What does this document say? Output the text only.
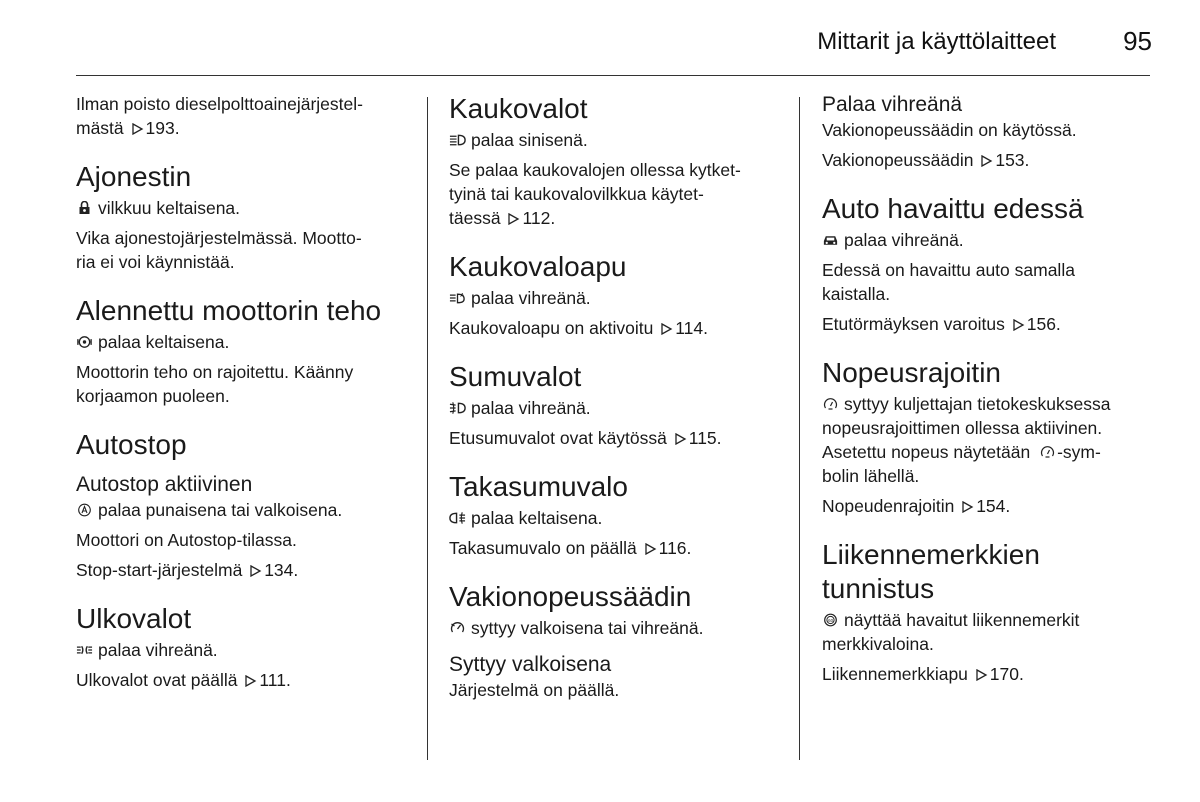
Mittarit ja käyttölaitteet	95

Ilman poisto dieselpolttoainejärjestel-
mästä 193.

Ajonestin

vilkkuu keltaisena.

Vika ajonestojärjestelmässä. Mootto-
ria ei voi käynnistää.

Alennettu moottorin teho

palaa keltaisena.

Moottorin teho on rajoitettu. Käänny
korjaamon puoleen.

Autostop
Autostop aktiivinen

palaa punaisena tai valkoisena.

Moottori on Autostop-tilassa.

Stop-start-järjestelmä 134.

Ulkovalot

palaa vihreänä.

Ulkovalot ovat päällä 111.

Kaukovalot

palaa sinisenä.

Se palaa kaukovalojen ollessa kytket-
tyinä tai kaukovalovilkkua käytet-
täessä 112.

Kaukovaloapu

A palaa vihreänä.

Kaukovaloapu on aktivoitu 114.

Sumuvalot

palaa vihreänä.

Etusumuvalot ovat käytössä 115.

Takasumuvalo

palaa keltaisena.

Takasumuvalo on päällä 116.

Vakionopeussäädin

syttyy valkoisena tai vihreänä.

Syttyy valkoisena

Järjestelmä on päällä.

Palaa vihreänä

Vakionopeussäädin on käytössä.

Vakionopeussäädin 153.

Auto havaittu edessä

palaa vihreänä.

Edessä on havaittu auto samalla
kaistalla.

Etutörmäyksen varoitus 156.

Nopeusrajoitin

syttyy kuljettajan tietokeskuksessa

nopeusrajoittimen ollessa aktiivinen.
Asetettu nopeus näytetään -sym-
bolin lähellä.

Nopeudenrajoitin 154.

Liikennemerkkien
tunnistus

60 näyttää havaitut liikennemerkit
merkkivaloina.

Liikennemerkkiapu 170.
